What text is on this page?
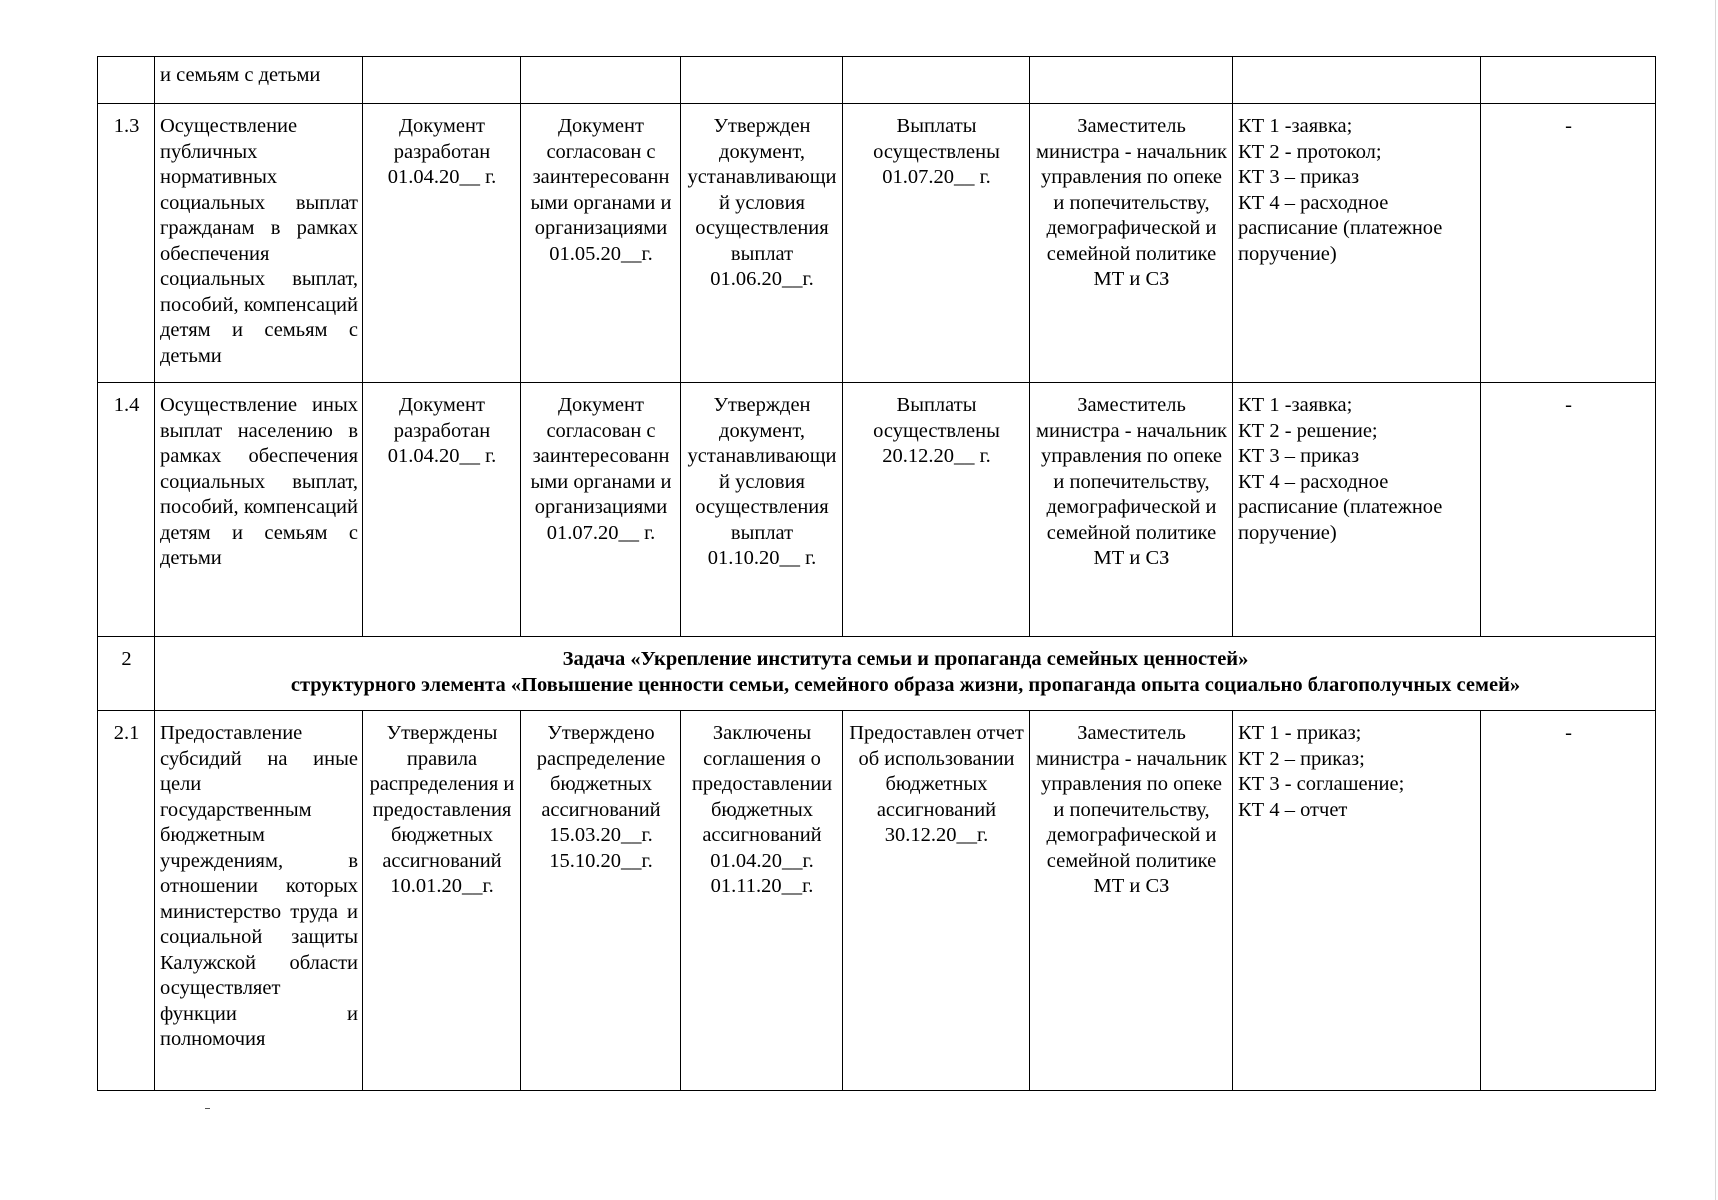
	и семьям с детьми							
1.3	Осуществление публичных нормативных социальных выплат гражданам в рамках обеспечения социальных выплат, пособий, компенсаций детям и семьям с детьми	Документ разработан 01.04.20__ г.	Документ согласован с заинтересованными органами и организациями 01.05.20__г.	Утвержден документ, устанавливающий условия осуществления выплат 01.06.20__г.	Выплаты осуществлены 01.07.20__ г.	Заместитель министра - начальник управления по опеке и попечительству, демографической и семейной политике МТ и СЗ	КТ 1 -заявка;
КТ 2 - протокол;
КТ 3 – приказ
КТ 4 – расходное расписание (платежное поручение)	-
1.4	Осуществление иных выплат населению в рамках обеспечения социальных выплат, пособий, компенсаций детям и семьям с детьми	Документ разработан 01.04.20__ г.	Документ согласован с заинтересованными органами и организациями 01.07.20__ г.	Утвержден документ, устанавливающий условия осуществления выплат 01.10.20__ г.	Выплаты осуществлены 20.12.20__ г.	Заместитель министра - начальник управления по опеке и попечительству, демографической и семейной политике МТ и СЗ	КТ 1 -заявка;
КТ 2 - решение;
КТ 3 – приказ
КТ 4 – расходное расписание (платежное поручение)	-
2	Задача «Укрепление института семьи и пропаганда семейных ценностей»
структурного элемента «Повышение ценности семьи, семейного образа жизни, пропаганда опыта социально благополучных семей»							
2.1	Предоставление субсидий на иные цели государственным бюджетным учреждениям, в отношении которых министерство труда и социальной защиты Калужской области осуществляет функции и полномочия	Утверждены правила распределения и предоставления бюджетных ассигнований 10.01.20__г.	Утверждено распределение бюджетных ассигнований 15.03.20__г.
15.10.20__г.	Заключены соглашения о предоставлении бюджетных ассигнований 01.04.20__г.
01.11.20__г.	Предоставлен отчет об использовании бюджетных ассигнований 30.12.20__г.	Заместитель министра - начальник управления по опеке и попечительству, демографической и семейной политике МТ и СЗ	КТ 1 - приказ;
КТ 2 – приказ;
КТ 3 - соглашение;
КТ 4 – отчет	-
